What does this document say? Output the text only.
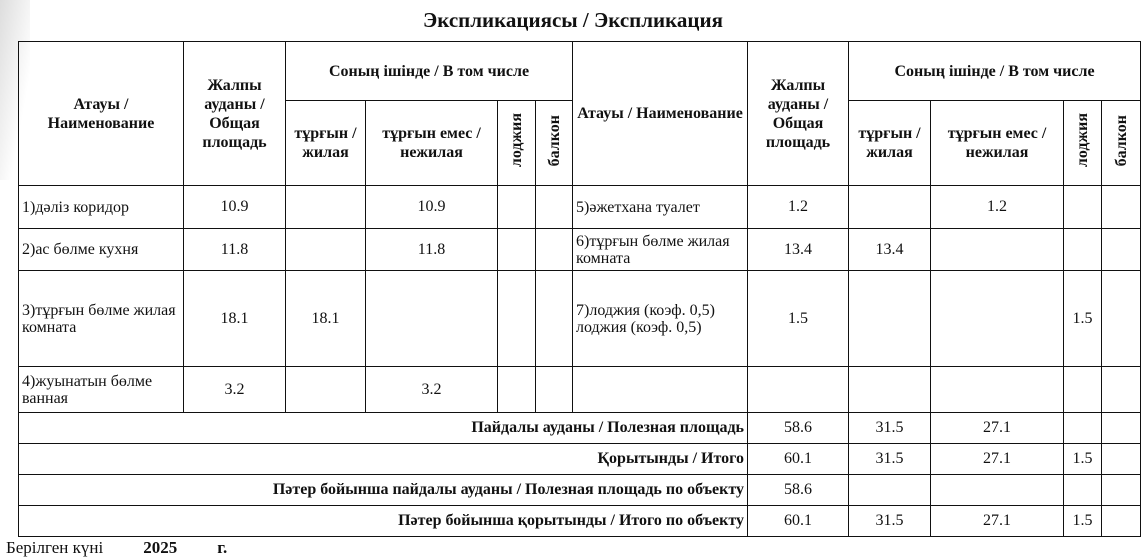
Экспликациясы / Экспликация
Атауы / Наименование	Жалпы ауданы / Общая площадь	Соның ішінде / В том числе				Атауы / Наименование	Жалпы ауданы / Общая площадь	Соның ішінде / В том числе			
		тұрғын / жилая	тұрғын емес / нежилая	лоджия	балкон			тұрғын / жилая	тұрғын емес / нежилая	лоджия	балкон
1)дәліз коридор	10.9		10.9			5)әжетхана туалет	1.2		1.2		
2)ас бөлме кухня	11.8		11.8			6)тұрғын бөлме жилая комната	13.4	13.4			
3)тұрғын бөлме жилая комната	18.1	18.1				7)лоджия (коэф. 0,5) лоджия (коэф. 0,5)	1.5			1.5	
4)жуынатын бөлме ванная	3.2		3.2								
Пайдалы ауданы / Полезная площадь							58.6	31.5	27.1		
Қорытынды / Итого							60.1	31.5	27.1	1.5	
Пәтер бойынша пайдалы ауданы / Полезная площадь по объекту							58.6				
Пәтер бойынша қорытынды / Итого по объекту							60.1	31.5	27.1	1.5	
Берілген күні 2025 г.
